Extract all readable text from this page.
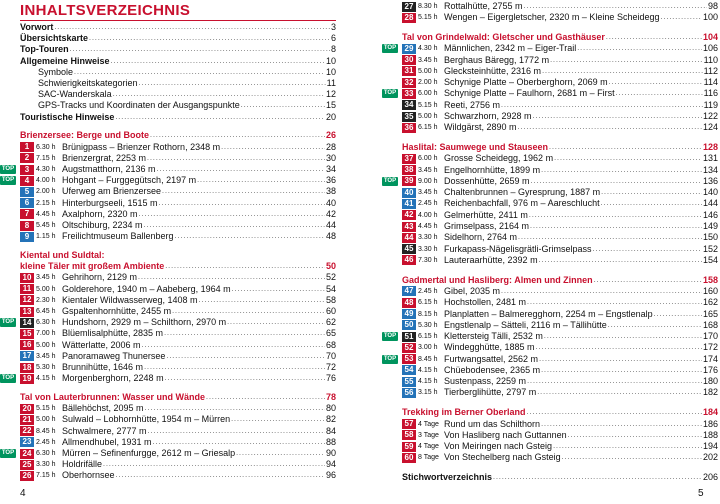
INHALTSVERZEICHNIS
Vorwort .....	3
Übersichtskarte .....	6
Top-Touren .....	8
Allgemeine Hinweise .....	10
Symbole .....	10
Schwierigkeitskategorien .....	11
SAC-Wanderskala .....	12
GPS-Tracks und Koordinaten der Ausgangspunkte .....	15
Touristische Hinweise .....	20
Brienzersee: Berge und Boote .....	26
1 6.30 h Brünigpass – Brienzer Rothorn, 2348 m .....	28
2 7.15 h Brienzergrat, 2253 m .....	30
TOP	3 4.30 h Augstmatthorn, 2136 m .....	34
TOP	4 4.00 h Hohgant – Furggegütsch, 2197 m .....	36
5 2.00 h Uferweg am Brienzersee .....	38
6 2.15 h Hinterburgseeli, 1515 m .....	40
7 4.45 h Axalphorn, 2320 m .....	42
8 5.45 h Oltschiburg, 2234 m .....	44
9 1.15 h Freilichtmuseum Ballenberg .....	48
Kiental und Suldtal:
kleine Täler mit großem Ambiente .....	50
10 3.45 h Gehrihorn, 2129 m .....	52
11 5.00 h Golderehore, 1940 m – Aabeberg, 1964 m .....	54
12 2.30 h Kientaler Wildwasserweg, 1408 m .....	58
13 6.45 h Gspaltenhornhütte, 2455 m .....	60
TOP	14 6.30 h Hundshorn, 2929 m – Schilthorn, 2970 m .....	62
15 7.00 h Blüemlisalphütte, 2835 m .....	65
16 5.00 h Wätterlatte, 2006 m .....	68
17 3.45 h Panoramaweg Thunersee .....	70
18 5.30 h Brunnihütte, 1646 m .....	72
TOP	19 4.15 h Morgenberghorn, 2248 m .....	76
Tal von Lauterbrunnen: Wasser und Wände .....	78
20 5.15 h Bällehöchst, 2095 m .....	80
21 5.00 h Sulwald – Lobhornhütte, 1954 m – Mürren .....	82
22 8.45 h Schwalmere, 2777 m .....	84
23 2.45 h Allmendhubel, 1931 m .....	88
TOP	24 6.30 h Mürren – Sefinenfurgge, 2612 m – Griesalp .....	90
25 3.30 h Holdrifälle .....	94
26 7.15 h Oberhornsee .....	96
4
27 8.30 h Rottalhütte, 2755 m .....	98
28 5.15 h Wengen – Eigergletscher, 2320 m – Kleine Scheidegg .....	100
Tal von Grindelwald: Gletscher und Gasthäuser .....	104
TOP	29 4.30 h Männlichen, 2342 m – Eiger-Trail .....	106
30 3.45 h Berghaus Bäregg, 1772 m .....	110
31 5.00 h Glecksteinhütte, 2316 m .....	112
32 2.00 h Schynige Platte – Oberberghorn, 2069 m .....	114
TOP	33 6.00 h Schynige Platte – Faulhorn, 2681 m – First .....	116
34 5.15 h Reeti, 2756 m .....	119
35 5.00 h Schwarzhorn, 2928 m .....	122
36 6.15 h Wildgärst, 2890 m .....	124
Haslital: Saumwege und Stauseen .....	128
37 6.00 h Grosse Scheidegg, 1962 m .....	131
38 3.45 h Engelhornhütte, 1899 m .....	134
TOP	39 9.00 h Dossenhütte, 2659 m .....	136
40 3.45 h Chaltenbrunnen – Gyresprung, 1887 m .....	140
41 2.45 h Reichenbachfall, 976 m – Aareschlucht .....	144
42 4.00 h Gelmerhütte, 2411 m .....	146
43 4.45 h Grimselpass, 2164 m .....	149
44 3.30 h Sidelhorn, 2764 m .....	150
45 3.30 h Furkapass-Nägelisgrätli-Grimselpass .....	152
46 7.30 h Lauteraarhütte, 2392 m .....	154
Gadmertal und Hasliberg: Almen und Zinnen .....	158
47 2.45 h Gibel, 2035 m .....	160
48 6.15 h Hochstollen, 2481 m .....	162
49 8.15 h Planplatten – Balmeregghorn, 2254 m – Engstlenalp .....	165
50 5.30 h Engstlenalp – Sätteli, 2116 m – Tällihütte .....	168
TOP	51 6.15 h Klettersteig Tälli, 2532 m .....	170
52 3.00 h Windegghütte, 1885 m .....	172
TOP	53 8.45 h Furtwangsattel, 2562 m .....	174
54 4.15 h Chüebodensee, 2365 m .....	176
55 4.15 h Sustenpass, 2259 m .....	180
56 3.15 h Tierberglihütte, 2797 m .....	182
Trekking im Berner Oberland .....	184
57 4 Tage Rund um das Schilthorn .....	186
58 3 Tage Von Hasliberg nach Guttannen .....	188
59 4 Tage Von Meiringen nach Gsteig .....	194
60 8 Tage Von Stechelberg nach Gsteig .....	202
Stichwortverzeichnis .....	206
5
